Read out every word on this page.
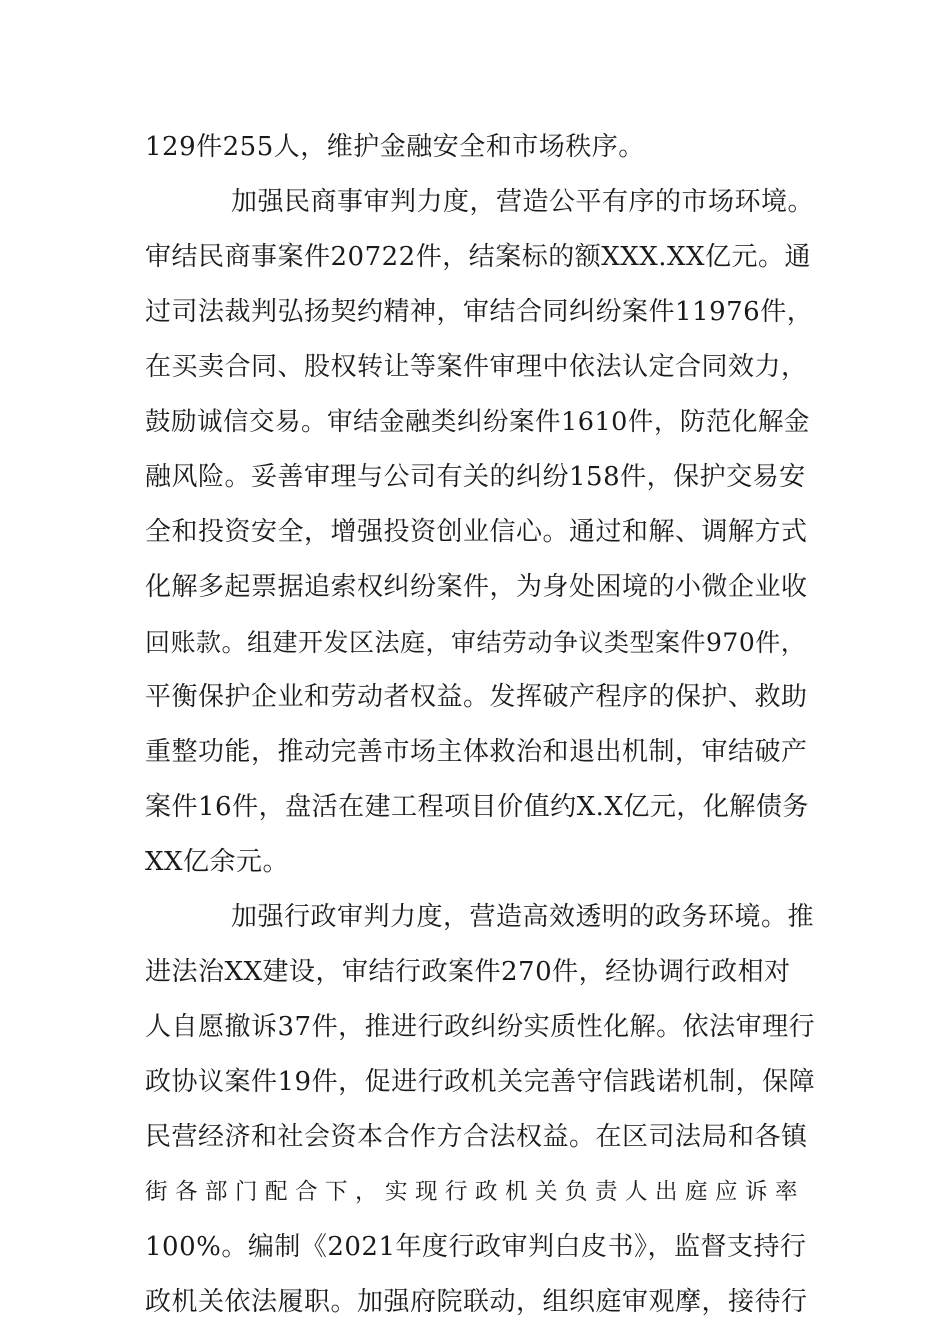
129件255人，维护金融安全和市场秩序。
加强民商事审判力度，营造公平有序的市场环境。
审结民商事案件20722件，结案标的额XXX.XX亿元。通
过司法裁判弘扬契约精神，审结合同纠纷案件11976件，
在买卖合同、股权转让等案件审理中依法认定合同效力，
鼓励诚信交易。审结金融类纠纷案件1610件，防范化解金
融风险。妥善审理与公司有关的纠纷158件，保护交易安
全和投资安全，增强投资创业信心。通过和解、调解方式
化解多起票据追索权纠纷案件，为身处困境的小微企业收
回账款。组建开发区法庭，审结劳动争议类型案件970件，
平衡保护企业和劳动者权益。发挥破产程序的保护、救助
重整功能，推动完善市场主体救治和退出机制，审结破产
案件16件，盘活在建工程项目价值约X.X亿元，化解债务
XX亿余元。
加强行政审判力度，营造高效透明的政务环境。推
进法治XX建设，审结行政案件270件，经协调行政相对
人自愿撤诉37件，推进行政纠纷实质性化解。依法审理行
政协议案件19件，促进行政机关完善守信践诺机制，保障
民营经济和社会资本合作方合法权益。在区司法局和各镇
街各部门配合下，实现行政机关负责人出庭应诉率
100%。编制《2021年度行政审判白皮书》，监督支持行
政机关依法履职。加强府院联动，组织庭审观摩，接待行
